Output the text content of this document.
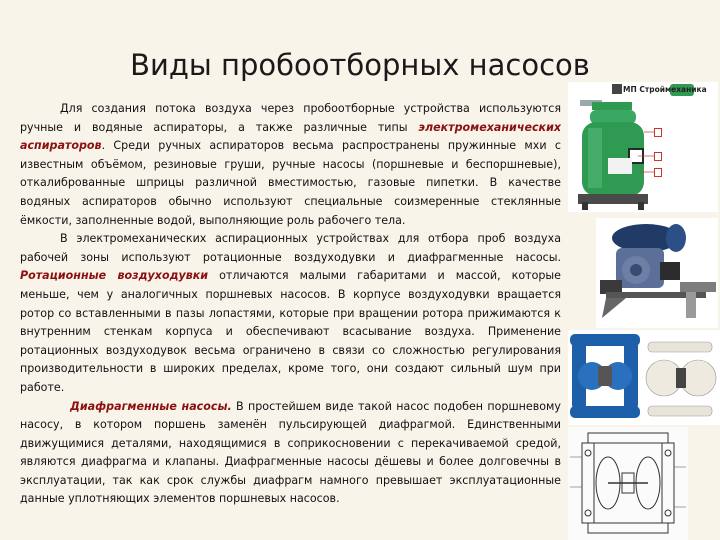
Виды пробоотборных насосов

Для создания потока воздуха через пробоотборные устройства используются ручные и водяные аспираторы, а также различные типы электромеханических аспираторов. Среди ручных аспираторов весьма распространены пружинные мхи с известным объёмом, резиновые груши, ручные насосы (поршневые и беспоршневые), откалиброванные шприцы различной вместимостью, газовые пипетки. В качестве водяных аспираторов обычно используют специальные соизмеренные стеклянные ёмкости, заполненные водой, выполняющие роль рабочего тела.

В электромеханических аспирационных устройствах для отбора проб воздуха рабочей зоны используют ротационные воздуходувки и диафрагменные насосы. Ротационные воздуходувки отличаются малыми габаритами и массой, которые меньше, чем у аналогичных поршневых насосов. В корпусе воздуходувки вращается ротор со вставленными в пазы лопастями, которые при вращении ротора прижимаются к внутренним стенкам корпуса и обеспечивают всасывание воздуха. Применение ротационных воздуходувок весьма ограничено в связи со сложностью регулирования производительности в широких пределах, кроме того, они создают сильный шум при работе.

Диафрагменные насосы. В простейшем виде такой насос подобен поршневому насосу, в котором поршень заменён пульсирующей диафрагмой. Единственными движущимися деталями, находящимися в соприкосновении с перекачиваемой средой, являются диафрагма и клапаны. Диафрагменные насосы дёшевы и более долговечны в эксплуатации, так как срок службы диафрагм намного превышает эксплуатационные данные уплотняющих элементов поршневых насосов.

МП Строймеханика
